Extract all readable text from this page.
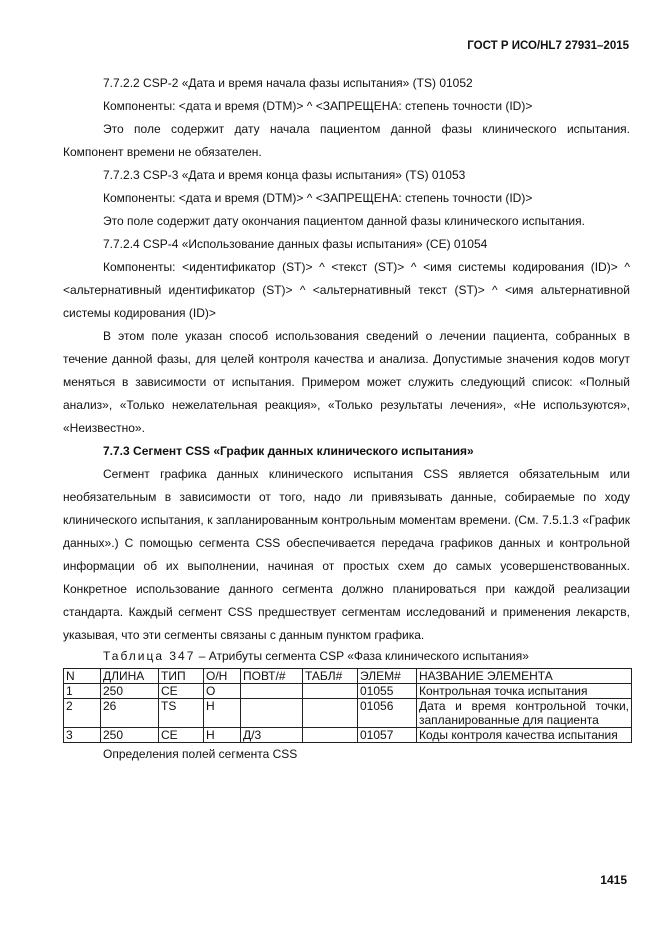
ГОСТ Р ИСО/HL7 27931–2015

7.7.2.2 CSP-2 «Дата и время начала фазы испытания» (TS) 01052

Компоненты: <дата и время (DTM)> ^ <ЗАПРЕЩЕНА: степень точности (ID)>

Это поле содержит дату начала пациентом данной фазы клинического испытания. Компонент времени не обязателен.

7.7.2.3 CSP-3 «Дата и время конца фазы испытания» (TS) 01053

Компоненты: <дата и время (DTM)> ^ <ЗАПРЕЩЕНА: степень точности (ID)>

Это поле содержит дату окончания пациентом данной фазы клинического испытания.

7.7.2.4 CSP-4 «Использование данных фазы испытания» (CE) 01054

Компоненты: <идентификатор (ST)> ^ <текст (ST)> ^ <имя системы кодирования (ID)> ^ <альтернативный идентификатор (ST)> ^ <альтернативный текст (ST)> ^ <имя альтернативной системы кодирования (ID)>

В этом поле указан способ использования сведений о лечении пациента, собранных в течение данной фазы, для целей контроля качества и анализа. Допустимые значения кодов могут меняться в зависимости от испытания. Примером может служить следующий список: «Полный анализ», «Только нежелательная реакция», «Только результаты лечения», «Не используются», «Неизвестно».

7.7.3 Сегмент CSS «График данных клинического испытания»

Сегмент графика данных клинического испытания CSS является обязательным или необязательным в зависимости от того, надо ли привязывать данные, собираемые по ходу клинического испытания, к запланированным контрольным моментам времени. (См. 7.5.1.3 «График данных».) С помощью сегмента CSS обеспечивается передача графиков данных и контрольной информации об их выполнении, начиная от простых схем до самых усовершенствованных. Конкретное использование данного сегмента должно планироваться при каждой реализации стандарта. Каждый сегмент CSS предшествует сегментам исследований и применения лекарств, указывая, что эти сегменты связаны с данным пунктом графика.

Таблица 347 – Атрибуты сегмента CSP «Фаза клинического испытания»

N	ДЛИНА	ТИП	О/Н	ПОВТ/#	ТАБЛ#	ЭЛЕМ#	НАЗВАНИЕ ЭЛЕМЕНТА
1	250	CE	О			01055	Контрольная точка испытания
2	26	TS	Н			01056	Дата и время контрольной точки, запланированные для пациента
3	250	CE	Н	Д/3		01057	Коды контроля качества испытания

Определения полей сегмента CSS

1415
